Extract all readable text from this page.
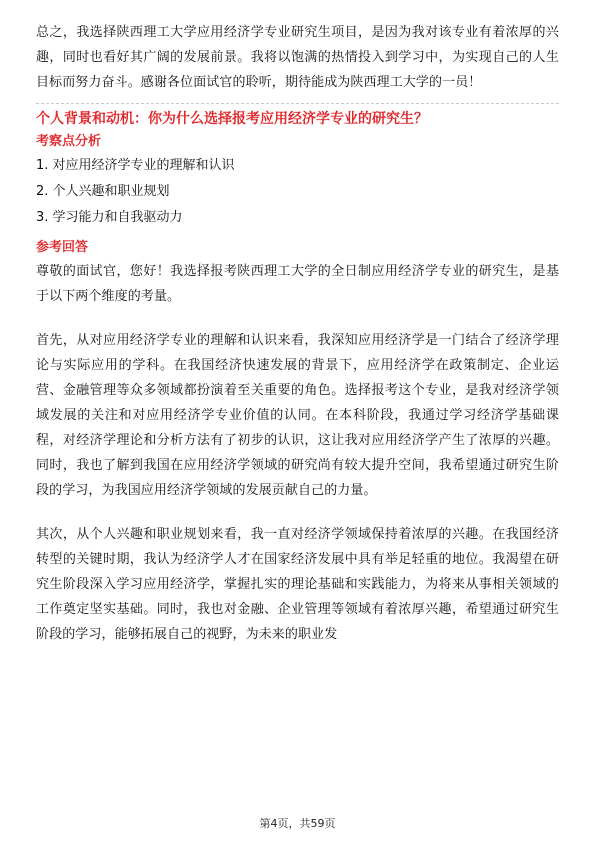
总之，我选择陕西理工大学应用经济学专业研究生项目，是因为我对该专业有着浓厚的兴趣，同时也看好其广阔的发展前景。我将以饱满的热情投入到学习中，为实现自己的人生目标而努力奋斗。感谢各位面试官的聆听，期待能成为陕西理工大学的一员！

个人背景和动机：你为什么选择报考应用经济学专业的研究生？

考察点分析

1. 对应用经济学专业的理解和认识
2. 个人兴趣和职业规划
3. 学习能力和自我驱动力

参考回答

尊敬的面试官，您好！我选择报考陕西理工大学的全日制应用经济学专业的研究生，是基于以下两个维度的考量。

首先，从对应用经济学专业的理解和认识来看，我深知应用经济学是一门结合了经济学理论与实际应用的学科。在我国经济快速发展的背景下，应用经济学在政策制定、企业运营、金融管理等众多领域都扮演着至关重要的角色。选择报考这个专业，是我对经济学领域发展的关注和对应用经济学专业价值的认同。在本科阶段，我通过学习经济学基础课程，对经济学理论和分析方法有了初步的认识，这让我对应用经济学产生了浓厚的兴趣。同时，我也了解到我国在应用经济学领域的研究尚有较大提升空间，我希望通过研究生阶段的学习，为我国应用经济学领域的发展贡献自己的力量。

其次，从个人兴趣和职业规划来看，我一直对经济学领域保持着浓厚的兴趣。在我国经济转型的关键时期，我认为经济学人才在国家经济发展中具有举足轻重的地位。我渴望在研究生阶段深入学习应用经济学，掌握扎实的理论基础和实践能力，为将来从事相关领域的工作奠定坚实基础。同时，我也对金融、企业管理等领域有着浓厚兴趣，希望通过研究生阶段的学习，能够拓展自己的视野，为未来的职业发

第4页，共59页
